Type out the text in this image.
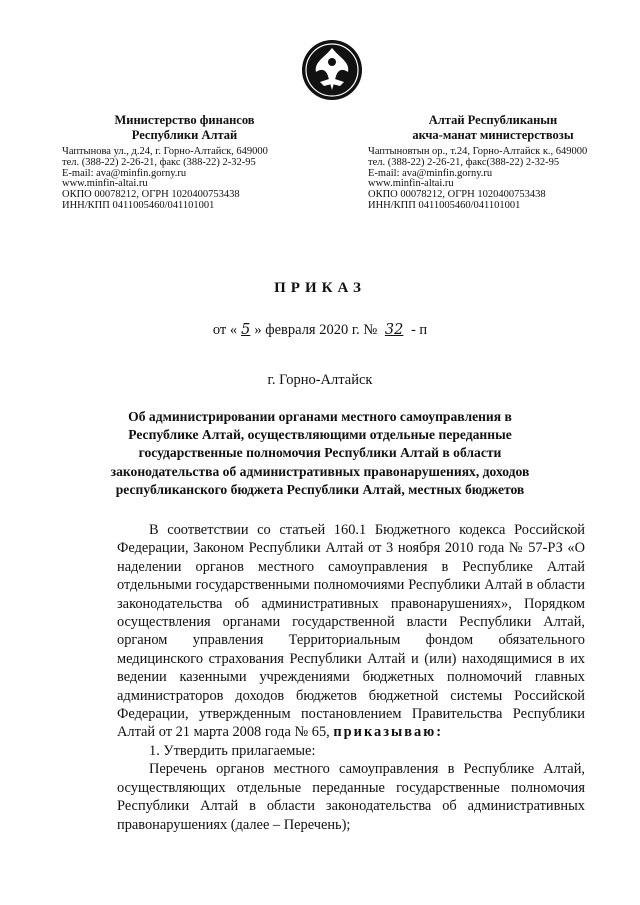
Министерство финансов
Республики Алтай
Чаптынова ул., д.24, г. Горно-Алтайск, 649000
тел. (388-22) 2-26-21, факс (388-22) 2-32-95
E-mail: ava@minfin.gorny.ru
www.minfin-altai.ru
ОКПО 00078212, ОГРН 1020400753438
ИНН/КПП 0411005460/041101001
Алтай Республиканын
акча-манат министерствозы
Чаптыновтын ор., т.24, Горно-Алтайск к., 649000
тел. (388-22) 2-26-21, факс(388-22) 2-32-95
E-mail: ava@minfin.gorny.ru
www.minfin-altai.ru
ОКПО 00078212, ОГРН 1020400753438
ИНН/КПП 0411005460/041101001
ПРИКАЗ
от « 5 » февраля 2020 г. № 32 - п
г. Горно-Алтайск
Об администрировании органами местного самоуправления в Республике Алтай, осуществляющими отдельные переданные государственные полномочия Республики Алтай в области законодательства об административных правонарушениях, доходов республиканского бюджета Республики Алтай, местных бюджетов

В соответствии со статьей 160.1 Бюджетного кодекса Российской Федерации, Законом Республики Алтай от 3 ноября 2010 года № 57-РЗ «О наделении органов местного самоуправления в Республике Алтай отдельными государственными полномочиями Республики Алтай в области законодательства об административных правонарушениях», Порядком осуществления органами государственной власти Республики Алтай, органом управления Территориальным фондом обязательного медицинского страхования Республики Алтай и (или) находящимися в их ведении казенными учреждениями бюджетных полномочий главных администраторов доходов бюджетов бюджетной системы Российской Федерации, утвержденным постановлением Правительства Республики Алтай от 21 марта 2008 года № 65, приказываю:

1. Утвердить прилагаемые:

Перечень органов местного самоуправления в Республике Алтай, осуществляющих отдельные переданные государственные полномочия Республики Алтай в области законодательства об административных правонарушениях (далее – Перечень);
